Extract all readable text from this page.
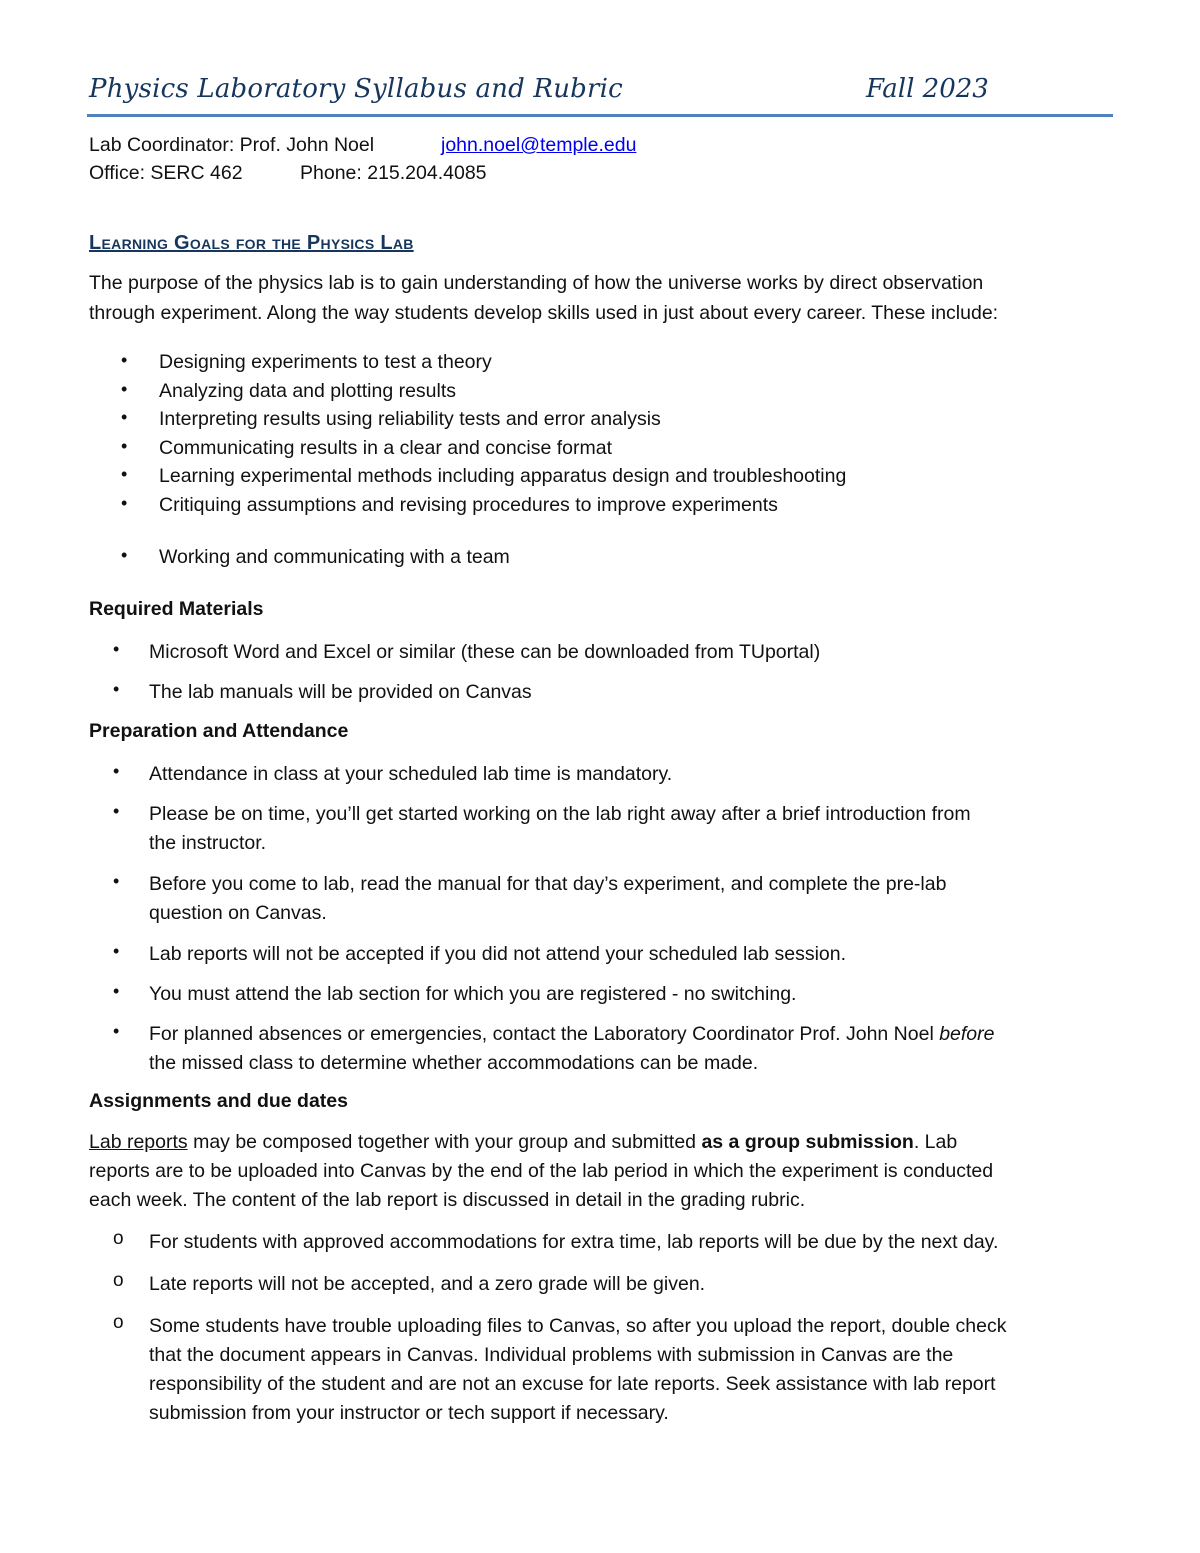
Physics Laboratory Syllabus and Rubric	Fall 2023
Lab Coordinator: Prof. John Noel	john.noel@temple.edu
Office: SERC 462	Phone: 215.204.4085
Learning Goals for the Physics Lab
The purpose of the physics lab is to gain understanding of how the universe works by direct observation
through experiment. Along the way students develop skills used in just about every career. These include:
• Designing experiments to test a theory
• Analyzing data and plotting results
• Interpreting results using reliability tests and error analysis
• Communicating results in a clear and concise format
• Learning experimental methods including apparatus design and troubleshooting
• Critiquing assumptions and revising procedures to improve experiments
• Working and communicating with a team
Required Materials
• Microsoft Word and Excel or similar (these can be downloaded from TUportal)
• The lab manuals will be provided on Canvas
Preparation and Attendance
• Attendance in class at your scheduled lab time is mandatory.
• Please be on time, you’ll get started working on the lab right away after a brief introduction from
the instructor.
• Before you come to lab, read the manual for that day’s experiment, and complete the pre-lab
question on Canvas.
• Lab reports will not be accepted if you did not attend your scheduled lab session.
• You must attend the lab section for which you are registered - no switching.
• For planned absences or emergencies, contact the Laboratory Coordinator Prof. John Noel before
the missed class to determine whether accommodations can be made.
Assignments and due dates
Lab reports may be composed together with your group and submitted as a group submission. Lab
reports are to be uploaded into Canvas by the end of the lab period in which the experiment is conducted
each week. The content of the lab report is discussed in detail in the grading rubric.
o For students with approved accommodations for extra time, lab reports will be due by the next day.
o Late reports will not be accepted, and a zero grade will be given.
o Some students have trouble uploading files to Canvas, so after you upload the report, double check
that the document appears in Canvas. Individual problems with submission in Canvas are the
responsibility of the student and are not an excuse for late reports. Seek assistance with lab report
submission from your instructor or tech support if necessary.
